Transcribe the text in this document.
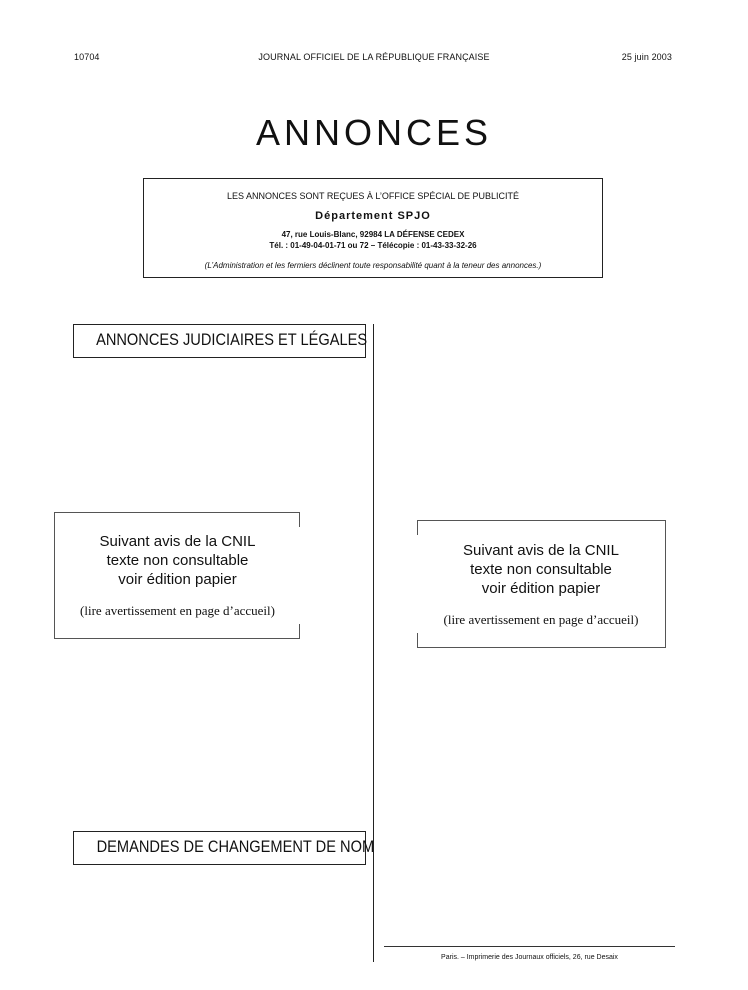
10704	JOURNAL OFFICIEL DE LA RÉPUBLIQUE FRANÇAISE	25 juin 2003
ANNONCES
LES ANNONCES SONT REÇUES À L’OFFICE SPÉCIAL DE PUBLICITÉ
Département SPJO
47, rue Louis-Blanc, 92984 LA DÉFENSE CEDEX
Tél. : 01-49-04-01-71 ou 72 – Télécopie : 01-43-33-32-26
(L’Administration et les fermiers déclinent toute responsabilité quant à la teneur des annonces.)
ANNONCES JUDICIAIRES ET LÉGALES
Suivant avis de la CNIL
texte non consultable
voir édition papier
(lire avertissement en page d’accueil)
Suivant avis de la CNIL
texte non consultable
voir édition papier
(lire avertissement en page d’accueil)
DEMANDES DE CHANGEMENT DE NOM
Paris. – Imprimerie des Journaux officiels, 26, rue Desaix
